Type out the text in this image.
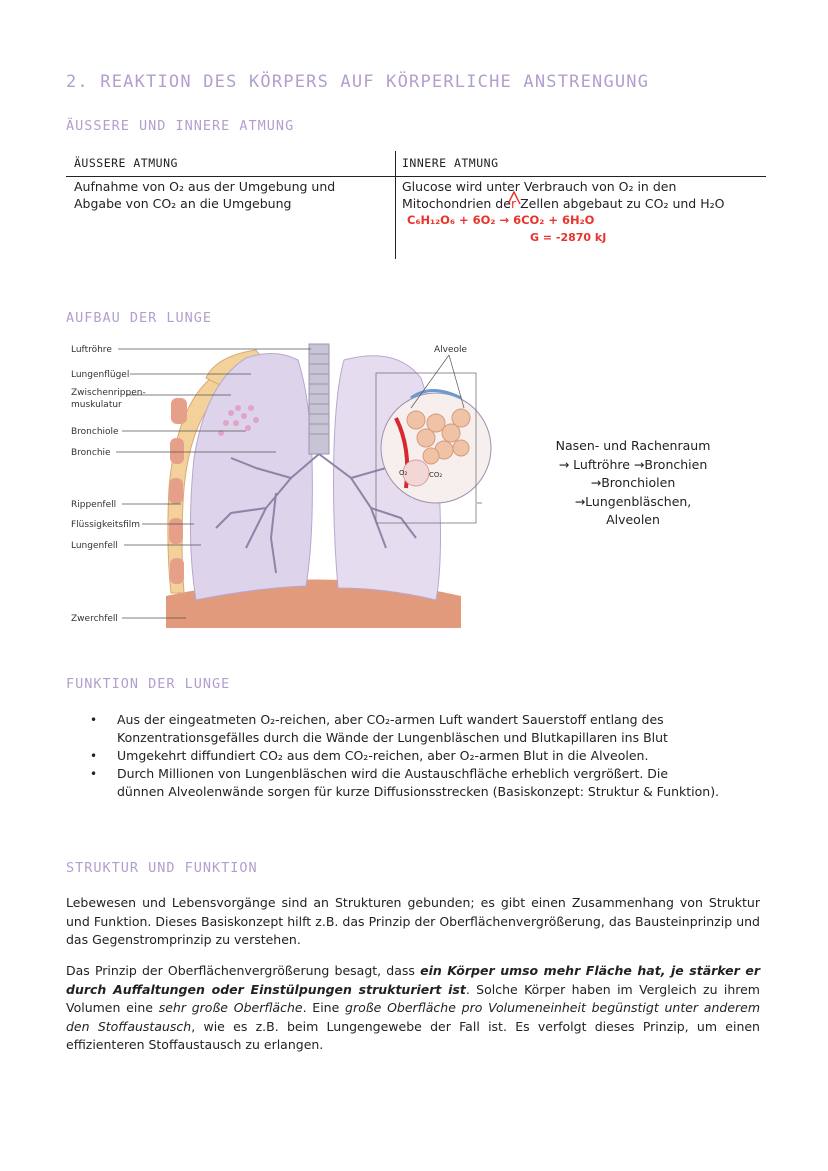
2. REAKTION DES KÖRPERS AUF KÖRPERLICHE ANSTRENGUNG
ÄUSSERE UND INNERE ATMUNG
ÄUSSERE ATMUNG	INNERE ATMUNG
Aufnahme von O₂ aus der Umgebung und Abgabe von CO₂ an die Umgebung
Glucose wird unter Verbrauch von O₂ in den
Mitochondrien der Zellen abgebaut zu CO₂ und H₂O
C₆H₁₂O₆ + 6O₂ → 6CO₂ + 6H₂O
G = -2870 kJ
AUFBAU DER LUNGE
O₂	CO₂
Luftröhre
Lungenflügel
Zwischenrippen-
muskulatur
Bronchiole
Bronchie
Rippenfell
Flüssigkeitsfilm
Lungenfell
Zwerchfell
Alveole
Nasen- und Rachenraum
→ Luftröhre →Bronchien
→Bronchiolen
→Lungenbläschen,
Alveolen
FUNKTION DER LUNGE
• Aus der eingeatmeten O₂-reichen, aber CO₂-armen Luft wandert Sauerstoff entlang des
Konzentrationsgefälles durch die Wände der Lungenbläschen und Blutkapillaren ins Blut
• Umgekehrt diffundiert CO₂ aus dem CO₂-reichen, aber O₂-armen Blut in die Alveolen.
• Durch Millionen von Lungenbläschen wird die Austauschfläche erheblich vergrößert. Die
dünnen Alveolenwände sorgen für kurze Diffusionsstrecken (Basiskonzept: Struktur & Funktion).
STRUKTUR UND FUNKTION
Lebewesen und Lebensvorgänge sind an Strukturen gebunden; es gibt einen Zusammenhang von Struktur und Funktion. Dieses Basiskonzept hilft z.B. das Prinzip der Oberflächenvergrößerung, das Bausteinprinzip und das Gegenstromprinzip zu verstehen.
Das Prinzip der Oberflächenvergrößerung besagt, dass ein Körper umso mehr Fläche hat, je stärker er durch Auffaltungen oder Einstülpungen strukturiert ist. Solche Körper haben im Vergleich zu ihrem Volumen eine sehr große Oberfläche. Eine große Oberfläche pro Volumeneinheit begünstigt unter anderem den Stoffaustausch, wie es z.B. beim Lungengewebe der Fall ist. Es verfolgt dieses Prinzip, um einen effizienteren Stoffaustausch zu erlangen.
